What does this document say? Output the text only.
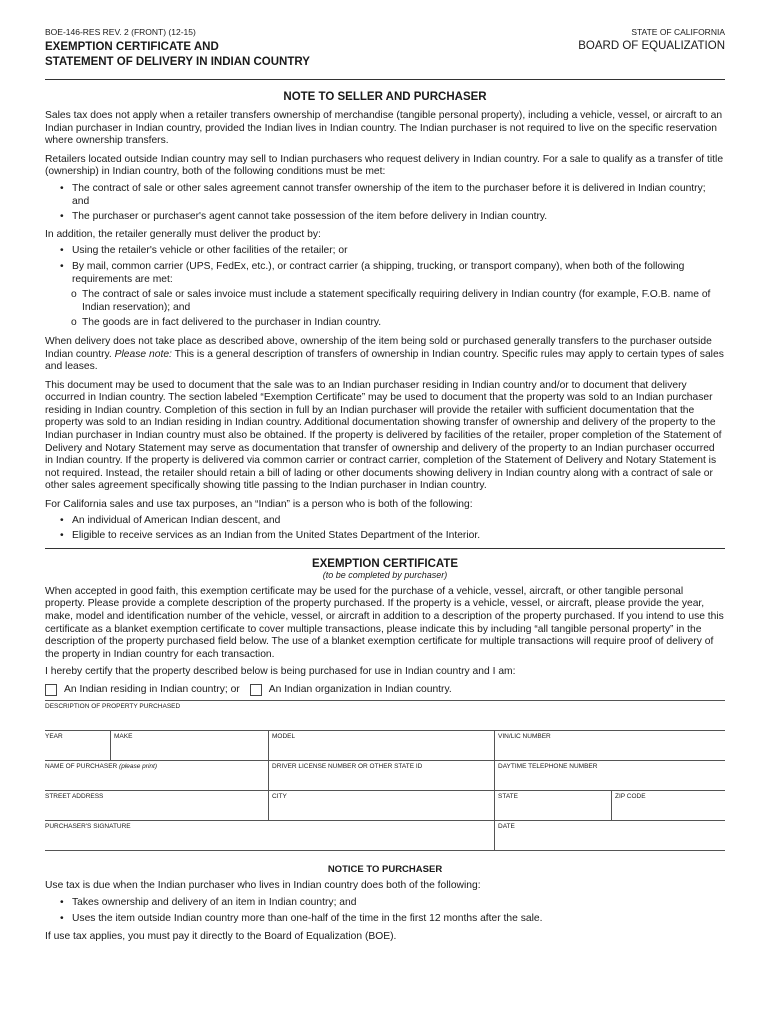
BOE-146-RES REV. 2 (FRONT) (12-15)
EXEMPTION CERTIFICATE AND
STATEMENT OF DELIVERY IN INDIAN COUNTRY
STATE OF CALIFORNIA
BOARD OF EQUALIZATION
NOTE TO SELLER AND PURCHASER

Sales tax does not apply when a retailer transfers ownership of merchandise (tangible personal property), including a vehicle, vessel, or aircraft to an Indian purchaser in Indian country, provided the Indian lives in Indian country. The Indian purchaser is not required to live on the specific reservation where ownership transfers.

Retailers located outside Indian country may sell to Indian purchasers who request delivery in Indian country. For a sale to qualify as a transfer of title (ownership) in Indian country, both of the following conditions must be met:

• The contract of sale or other sales agreement cannot transfer ownership of the item to the purchaser before it is delivered in Indian country; and
• The purchaser or purchaser's agent cannot take possession of the item before delivery in Indian country.

In addition, the retailer generally must deliver the product by:

• Using the retailer's vehicle or other facilities of the retailer; or
• By mail, common carrier (UPS, FedEx, etc.), or contract carrier (a shipping, trucking, or transport company), when both of the following requirements are met:
o The contract of sale or sales invoice must include a statement specifically requiring delivery in Indian country (for example, F.O.B. name of Indian reservation); and
o The goods are in fact delivered to the purchaser in Indian country.

When delivery does not take place as described above, ownership of the item being sold or purchased generally transfers to the purchaser outside Indian country. Please note: This is a general description of transfers of ownership in Indian country. Specific rules may apply to certain types of sales and leases.

This document may be used to document that the sale was to an Indian purchaser residing in Indian country and/or to document that delivery occurred in Indian country. The section labeled “Exemption Certificate” may be used to document that the property was sold to an Indian purchaser residing in Indian country. Completion of this section in full by an Indian purchaser will provide the retailer with sufficient documentation that the property was sold to an Indian residing in Indian country. Additional documentation showing transfer of ownership and delivery of the property to the Indian purchaser in Indian country must also be obtained. If the property is delivered by facilities of the retailer, proper completion of the Statement of Delivery and Notary Statement may serve as documentation that transfer of ownership and delivery of the property to an Indian purchaser occurred in Indian country. If the property is delivered via common carrier or contract carrier, completion of the Statement of Delivery and Notary Statement is not required. Instead, the retailer should retain a bill of lading or other documents showing delivery in Indian country along with a contract of sale or other sales agreement specifically showing title passing to the Indian purchaser in Indian country.

For California sales and use tax purposes, an “Indian” is a person who is both of the following:

• An individual of American Indian descent, and
• Eligible to receive services as an Indian from the United States Department of the Interior.
EXEMPTION CERTIFICATE
(to be completed by purchaser)

When accepted in good faith, this exemption certificate may be used for the purchase of a vehicle, vessel, aircraft, or other tangible personal property. Please provide a complete description of the property purchased. If the property is a vehicle, vessel, or aircraft, please provide the year, make, model and identification number of the vehicle, vessel, or aircraft in addition to a description of the property purchased. If you intend to use this certificate as a blanket exemption certificate to cover multiple transactions, please indicate this by including “all tangible personal property” in the description of the property purchased field below. The use of a blanket exemption certificate for multiple transactions will require proof of delivery of the property in Indian country for each transaction.

I hereby certify that the property described below is being purchased for use in Indian country and I am:

An Indian residing in Indian country; or	An Indian organization in Indian country.
DESCRIPTION OF PROPERTY PURCHASED
YEAR	MAKE	MODEL	VIN/LIC NUMBER
NAME OF PURCHASER (please print)	DRIVER LICENSE NUMBER OR OTHER STATE ID	DAYTIME TELEPHONE NUMBER
STREET ADDRESS	CITY	STATE	ZIP CODE
PURCHASER'S SIGNATURE	DATE
NOTICE TO PURCHASER

Use tax is due when the Indian purchaser who lives in Indian country does both of the following:

• Takes ownership and delivery of an item in Indian country; and
• Uses the item outside Indian country more than one-half of the time in the first 12 months after the sale.

If use tax applies, you must pay it directly to the Board of Equalization (BOE).
